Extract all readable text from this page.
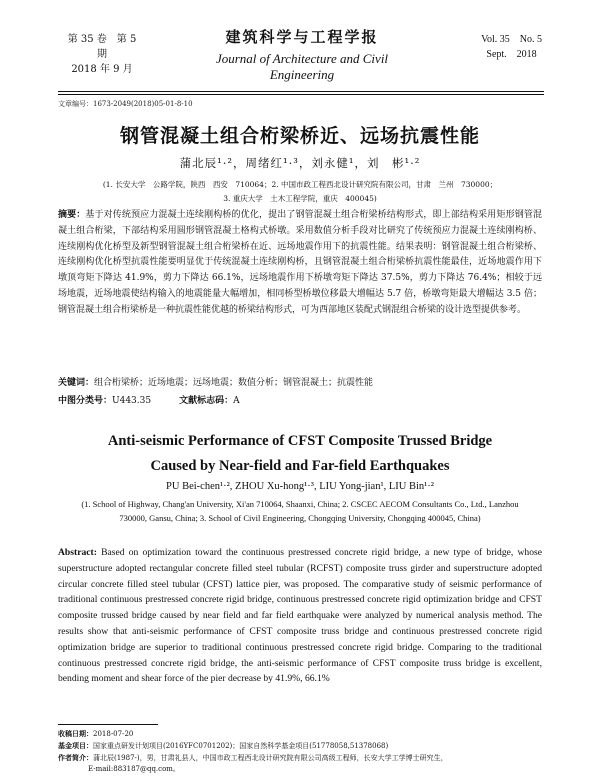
第 35 卷　第 5 期
2018 年 9 月
建筑科学与工程学报
Journal of Architecture and Civil Engineering
Vol. 35　No. 5
Sept.　2018
文章编号：1673-2049(2018)05-01-8-10
钢管混凝土组合桁梁桥近、远场抗震性能
蒲北辰¹·²，周绪红¹·³，刘永健¹，刘　彬¹·²
(1. 长安大学　公路学院，陕西　西安　710064；2. 中国市政工程西北设计研究院有限公司，甘肃　兰州　730000；
3. 重庆大学　土木工程学院，重庆　400045)
摘要：基于对传统预应力混凝土连续刚构桥的优化，提出了钢管混凝土组合桁梁桥结构形式，即上部结构采用矩形钢管混凝土组合桁梁，下部结构采用圆形钢管混凝土格构式桥墩。采用数值分析手段对比研究了传统预应力混凝土连续刚构桥、连续刚构优化桥型及新型钢管混凝土组合桁梁桥在近、远场地震作用下的抗震性能。结果表明：钢管混凝土组合桁梁桥、连续刚构优化桥型抗震性能要明显优于传统混凝土连续刚构桥，且钢管混凝土组合桁梁桥抗震性能最佳，近场地震作用下墩顶弯矩下降达 41.9%，剪力下降达 66.1%，远场地震作用下桥墩弯矩下降达 37.5%，剪力下降达 76.4%；相较于远场地震，近场地震使结构输入的地震能量大幅增加，相同桥型桥墩位移最大增幅达 5.7 倍，桥墩弯矩最大增幅达 3.5 倍；钢管混凝土组合桁梁桥是一种抗震性能优越的桥梁结构形式，可为西部地区装配式钢混组合桥梁的设计选型提供参考。
关键词：组合桁梁桥；近场地震；远场地震；数值分析；钢管混凝土；抗震性能
中图分类号：U443.35	文献标志码：A
Anti-seismic Performance of CFST Composite Trussed Bridge
Caused by Near-field and Far-field Earthquakes
PU Bei-chen¹·², ZHOU Xu-hong¹·³, LIU Yong-jian¹, LIU Bin¹·²
(1. School of Highway, Chang'an University, Xi'an 710064, Shaanxi, China; 2. CSCEC AECOM Consultants Co., Ltd., Lanzhou 730000, Gansu, China; 3. School of Civil Engineering, Chongqing University, Chongqing 400045, China)
Abstract: Based on optimization toward the continuous prestressed concrete rigid bridge, a new type of bridge, whose superstructure adopted rectangular concrete filled steel tubular (RCFST) composite truss girder and superstructure adopted circular concrete filled steel tubular (CFST) lattice pier, was proposed. The comparative study of seismic performance of traditional continuous prestressed concrete rigid bridge, continuous prestressed concrete rigid optimization bridge and CFST composite trussed bridge caused by near field and far field earthquake were analyzed by numerical analysis method. The results show that anti-seismic performance of CFST composite truss bridge and continuous prestressed concrete rigid optimization bridge are superior to traditional continuous prestressed concrete rigid bridge. Comparing to the traditional continuous prestressed concrete rigid bridge, the anti-seismic performance of CFST composite truss bridge is excellent, bending moment and shear force of the pier decrease by 41.9%, 66.1%
收稿日期：2018-07-20
基金项目：国家重点研发计划项目(2016YFC0701202)；国家自然科学基金项目(51778058,51378068)
作者简介：蒲北辰(1987-)，男，甘肃礼县人，中国市政工程西北设计研究院有限公司高级工程师，长安大学工学博士研究生，
E-mail:883187@qq.com。
